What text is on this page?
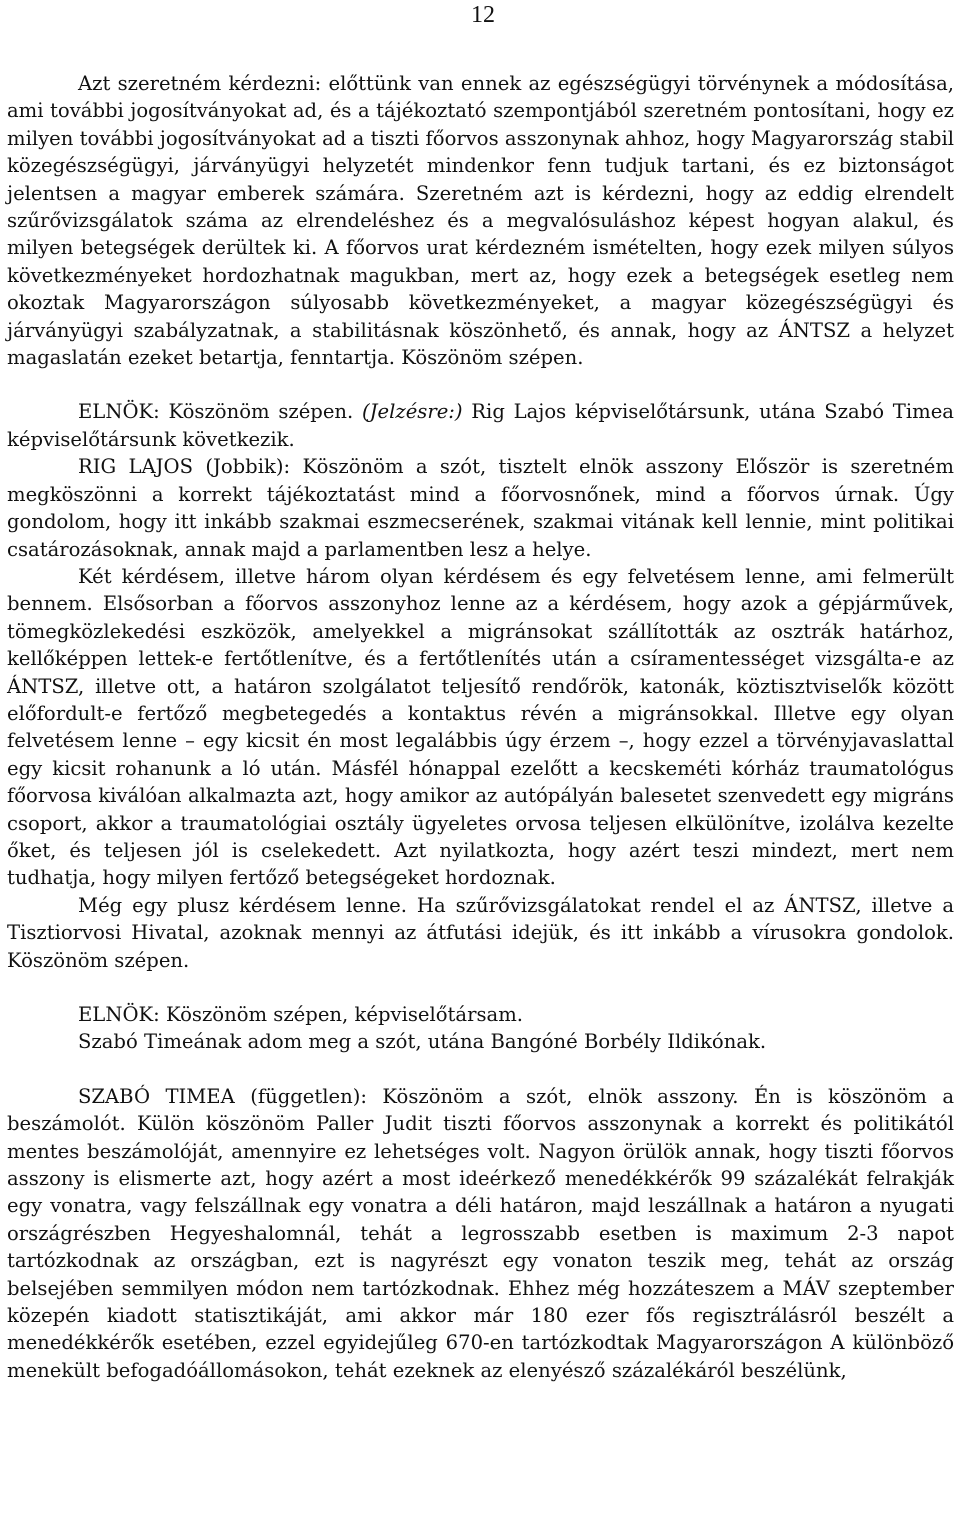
12

Azt szeretném kérdezni: előttünk van ennek az egészségügyi törvénynek a módosítása, ami további jogosítványokat ad, és a tájékoztató szempontjából szeretném pontosítani, hogy ez milyen további jogosítványokat ad a tiszti főorvos asszonynak ahhoz, hogy Magyarország stabil közegészségügyi, járványügyi helyzetét mindenkor fenn tudjuk tartani, és ez biztonságot jelentsen a magyar emberek számára. Szeretném azt is kérdezni, hogy az eddig elrendelt szűrővizsgálatok száma az elrendeléshez és a megvalósuláshoz képest hogyan alakul, és milyen betegségek derültek ki. A főorvos urat kérdezném ismételten, hogy ezek milyen súlyos következményeket hordozhatnak magukban, mert az, hogy ezek a betegségek esetleg nem okoztak Magyarországon súlyosabb következményeket, a magyar közegészségügyi és járványügyi szabályzatnak, a stabilitásnak köszönhető, és annak, hogy az ÁNTSZ a helyzet magaslatán ezeket betartja, fenntartja. Köszönöm szépen.

ELNÖK: Köszönöm szépen. (Jelzésre:) Rig Lajos képviselőtársunk, utána Szabó Timea képviselőtársunk következik.

RIG LAJOS (Jobbik): Köszönöm a szót, tisztelt elnök asszony Először is szeretném megköszönni a korrekt tájékoztatást mind a főorvosnőnek, mind a főorvos úrnak. Úgy gondolom, hogy itt inkább szakmai eszmecserének, szakmai vitának kell lennie, mint politikai csatározásoknak, annak majd a parlamentben lesz a helye.

Két kérdésem, illetve három olyan kérdésem és egy felvetésem lenne, ami felmerült bennem. Elsősorban a főorvos asszonyhoz lenne az a kérdésem, hogy azok a gépjárművek, tömegközlekedési eszközök, amelyekkel a migránsokat szállították az osztrák határhoz, kellőképpen lettek-e fertőtlenítve, és a fertőtlenítés után a csíramentességet vizsgálta-e az ÁNTSZ, illetve ott, a határon szolgálatot teljesítő rendőrök, katonák, köztisztviselők között előfordult-e fertőző megbetegedés a kontaktus révén a migránsokkal. Illetve egy olyan felvetésem lenne – egy kicsit én most legalábbis úgy érzem –, hogy ezzel a törvényjavaslattal egy kicsit rohanunk a ló után. Másfél hónappal ezelőtt a kecskeméti kórház traumatológus főorvosa kiválóan alkalmazta azt, hogy amikor az autópályán balesetet szenvedett egy migráns csoport, akkor a traumatológiai osztály ügyeletes orvosa teljesen elkülönítve, izolálva kezelte őket, és teljesen jól is cselekedett. Azt nyilatkozta, hogy azért teszi mindezt, mert nem tudhatja, hogy milyen fertőző betegségeket hordoznak.

Még egy plusz kérdésem lenne. Ha szűrővizsgálatokat rendel el az ÁNTSZ, illetve a Tisztiorvosi Hivatal, azoknak mennyi az átfutási idejük, és itt inkább a vírusokra gondolok. Köszönöm szépen.

ELNÖK: Köszönöm szépen, képviselőtársam.

Szabó Timeának adom meg a szót, utána Bangóné Borbély Ildikónak.

SZABÓ TIMEA (független): Köszönöm a szót, elnök asszony. Én is köszönöm a beszámolót. Külön köszönöm Paller Judit tiszti főorvos asszonynak a korrekt és politikától mentes beszámolóját, amennyire ez lehetséges volt. Nagyon örülök annak, hogy tiszti főorvos asszony is elismerte azt, hogy azért a most ideérkező menedékkérők 99 százalékát felrakják egy vonatra, vagy felszállnak egy vonatra a déli határon, majd leszállnak a határon a nyugati országrészben Hegyeshalomnál, tehát a legrosszabb esetben is maximum 2-3 napot tartózkodnak az országban, ezt is nagyrészt egy vonaton teszik meg, tehát az ország belsejében semmilyen módon nem tartózkodnak. Ehhez még hozzáteszem a MÁV szeptember közepén kiadott statisztikáját, ami akkor már 180 ezer fős regisztrálásról beszélt a menedékkérők esetében, ezzel egyidejűleg 670-en tartózkodtak Magyarországon A különböző menekült befogadóállomásokon, tehát ezeknek az elenyésző százalékáról beszélünk,
